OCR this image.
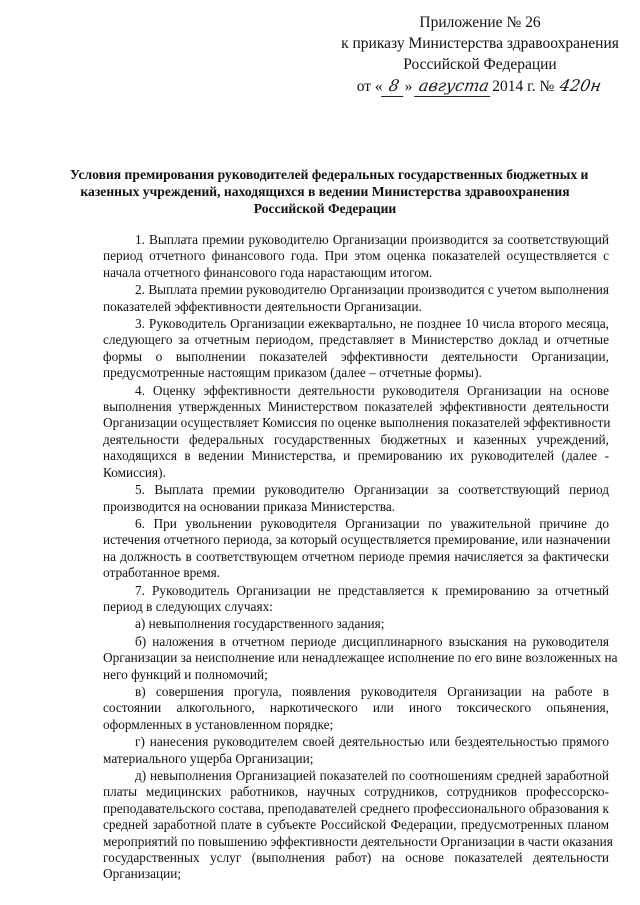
Приложение № 26
к приказу Министерства здравоохранения
Российской Федерации
от « 8 » августа2014 г. № 420н
Условия премирования руководителей федеральных государственных бюджетных и
казенных учреждений, находящихся в ведении Министерства здравоохранения
Российской Федерации
1. Выплата премии руководителю Организации производится за соответствующий
период отчетного финансового года. При этом оценка показателей осуществляется с
начала отчетного финансового года нарастающим итогом.
2. Выплата премии руководителю Организации производится с учетом выполнения
показателей эффективности деятельности Организации.
3. Руководитель Организации ежеквартально, не позднее 10 числа второго месяца,
следующего за отчетным периодом, представляет в Министерство доклад и отчетные
формы о выполнении показателей эффективности деятельности Организации,
предусмотренные настоящим приказом (далее – отчетные формы).
4. Оценку эффективности деятельности руководителя Организации на основе
выполнения утвержденных Министерством показателей эффективности деятельности
Организации осуществляет Комиссия по оценке выполнения показателей эффективности
деятельности федеральных государственных бюджетных и казенных учреждений,
находящихся в ведении Министерства, и премированию их руководителей (далее -
Комиссия).
5. Выплата премии руководителю Организации за соответствующий период
производится на основании приказа Министерства.
6. При увольнении руководителя Организации по уважительной причине до
истечения отчетного периода, за который осуществляется премирование, или назначении
на должность в соответствующем отчетном периоде премия начисляется за фактически
отработанное время.
7. Руководитель Организации не представляется к премированию за отчетный
период в следующих случаях:
а) невыполнения государственного задания;
б) наложения в отчетном периоде дисциплинарного взыскания на руководителя
Организации за неисполнение или ненадлежащее исполнение по его вине возложенных на
него функций и полномочий;
в) совершения прогула, появления руководителя Организации на работе в
состоянии алкогольного, наркотического или иного токсического опьянения,
оформленных в установленном порядке;
г) нанесения руководителем своей деятельностью или бездеятельностью прямого
материального ущерба Организации;
д) невыполнения Организацией показателей по соотношениям средней заработной
платы медицинских работников, научных сотрудников, сотрудников профессорско-
преподавательского состава, преподавателей среднего профессионального образования к
средней заработной плате в субъекте Российской Федерации, предусмотренных планом
мероприятий по повышению эффективности деятельности Организации в части оказания
государственных услуг (выполнения работ) на основе показателей деятельности
Организации;
